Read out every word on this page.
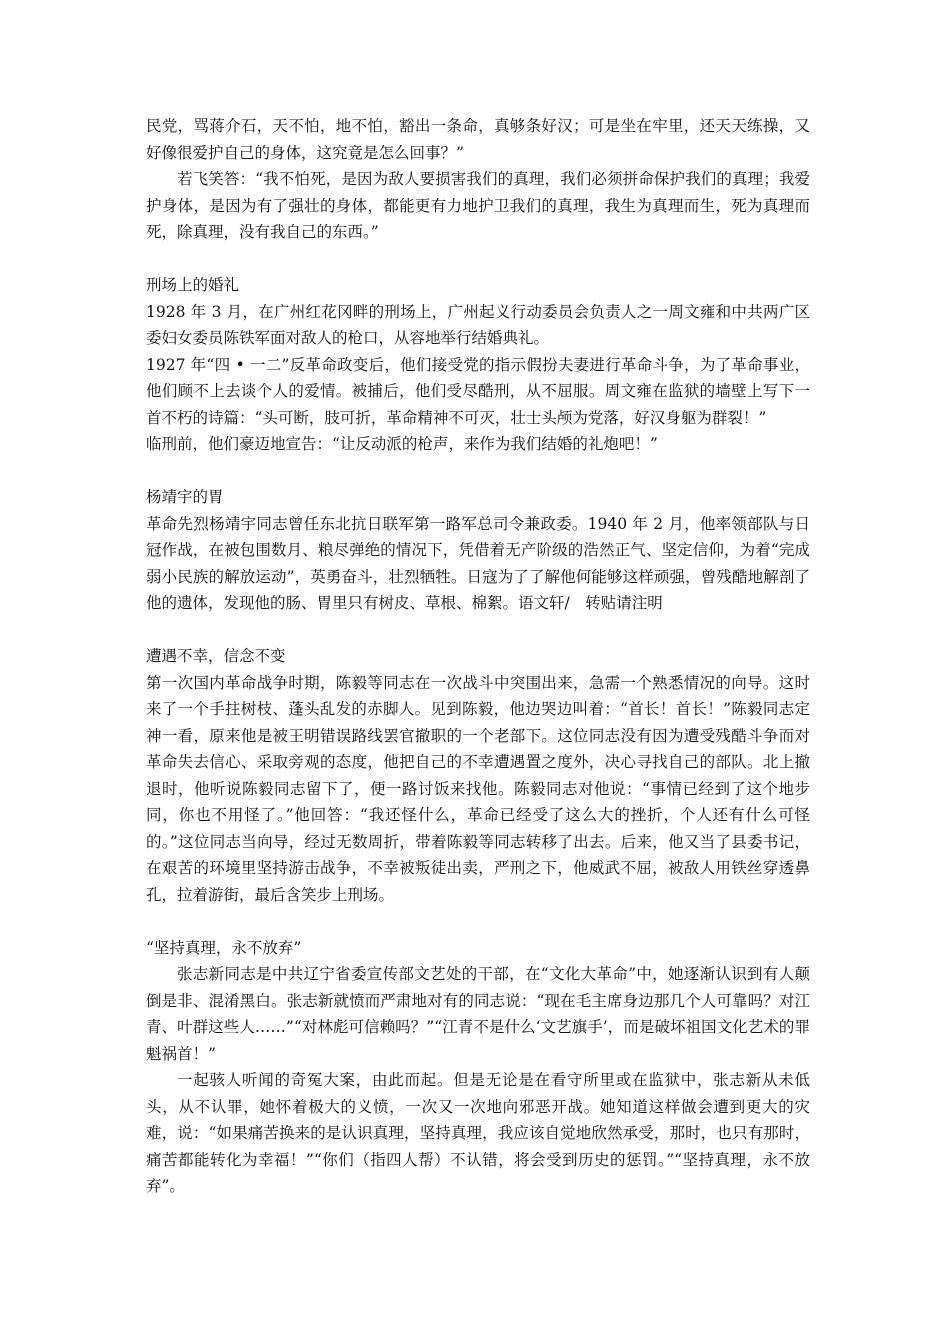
民党，骂蒋介石，天不怕，地不怕，豁出一条命，真够条好汉；可是坐在牢里，还天天练操，又好像很爱护自己的身体，这究竟是怎么回事？”

若飞笑答：“我不怕死，是因为敌人要损害我们的真理，我们必须拼命保护我们的真理；我爱护身体，是因为有了强壮的身体，都能更有力地护卫我们的真理，我生为真理而生，死为真理而死，除真理，没有我自己的东西。”

刑场上的婚礼

1928 年 3 月，在广州红花冈畔的刑场上，广州起义行动委员会负责人之一周文雍和中共两广区委妇女委员陈铁军面对敌人的枪口，从容地举行结婚典礼。

1927 年“四 • 一二”反革命政变后，他们接受党的指示假扮夫妻进行革命斗争，为了革命事业，他们顾不上去谈个人的爱情。被捕后，他们受尽酷刑，从不屈服。周文雍在监狱的墙壁上写下一首不朽的诗篇：“头可断，肢可折，革命精神不可灭，壮士头颅为党落，好汉身躯为群裂！”

临刑前，他们豪迈地宣告：“让反动派的枪声，来作为我们结婚的礼炮吧！”

杨靖宇的胃

革命先烈杨靖宇同志曾任东北抗日联军第一路军总司令兼政委。1940 年 2 月，他率领部队与日冠作战，在被包围数月、粮尽弹绝的情况下，凭借着无产阶级的浩然正气、坚定信仰，为着“完成弱小民族的解放运动”，英勇奋斗，壮烈牺牲。日寇为了了解他何能够这样顽强，曾残酷地解剖了他的遗体，发现他的肠、胃里只有树皮、草根、棉絮。语文轩/　转贴请注明

遭遇不幸，信念不变

第一次国内革命战争时期，陈毅等同志在一次战斗中突围出来，急需一个熟悉情况的向导。这时来了一个手拄树枝、蓬头乱发的赤脚人。见到陈毅，他边哭边叫着：“首长！首长！”陈毅同志定神一看，原来他是被王明错误路线罢官撤职的一个老部下。这位同志没有因为遭受残酷斗争而对革命失去信心、采取旁观的态度，他把自己的不幸遭遇置之度外，决心寻找自己的部队。北上撤退时，他听说陈毅同志留下了，便一路讨饭来找他。陈毅同志对他说：“事情已经到了这个地步同，你也不用怪了。”他回答：“我还怪什么，革命已经受了这么大的挫折，个人还有什么可怪的。”这位同志当向导，经过无数周折，带着陈毅等同志转移了出去。后来，他又当了县委书记，在艰苦的环境里坚持游击战争，不幸被叛徒出卖，严刑之下，他威武不屈，被敌人用铁丝穿透鼻孔，拉着游街，最后含笑步上刑场。

“坚持真理，永不放弃”

张志新同志是中共辽宁省委宣传部文艺处的干部，在“文化大革命”中，她逐渐认识到有人颠倒是非、混淆黑白。张志新就愤而严肃地对有的同志说：“现在毛主席身边那几个人可靠吗？对江青、叶群这些人……”“对林彪可信赖吗？”“江青不是什么‘文艺旗手’，而是破坏祖国文化艺术的罪魁祸首！”

一起骇人听闻的奇冤大案，由此而起。但是无论是在看守所里或在监狱中，张志新从未低头，从不认罪，她怀着极大的义愤，一次又一次地向邪恶开战。她知道这样做会遭到更大的灾难，说：“如果痛苦换来的是认识真理，坚持真理，我应该自觉地欣然承受，那时，也只有那时，痛苦都能转化为幸福！”“你们（指四人帮）不认错，将会受到历史的惩罚。”“坚持真理，永不放弃”。
